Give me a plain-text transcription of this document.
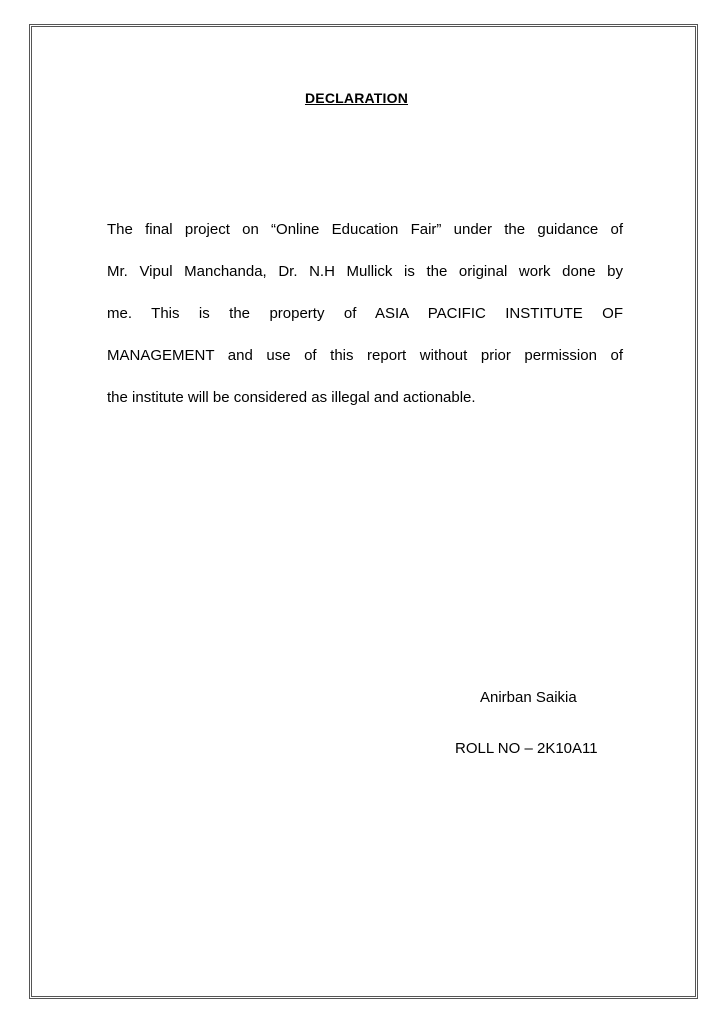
DECLARATION
The final project on “Online Education Fair” under the guidance of
Mr. Vipul Manchanda, Dr. N.H Mullick is the original work done by
me. This is the property of ASIA PACIFIC INSTITUTE OF
MANAGEMENT and use of this report without prior permission of
the institute will be considered as illegal and actionable.
Anirban Saikia
ROLL NO – 2K10A11
